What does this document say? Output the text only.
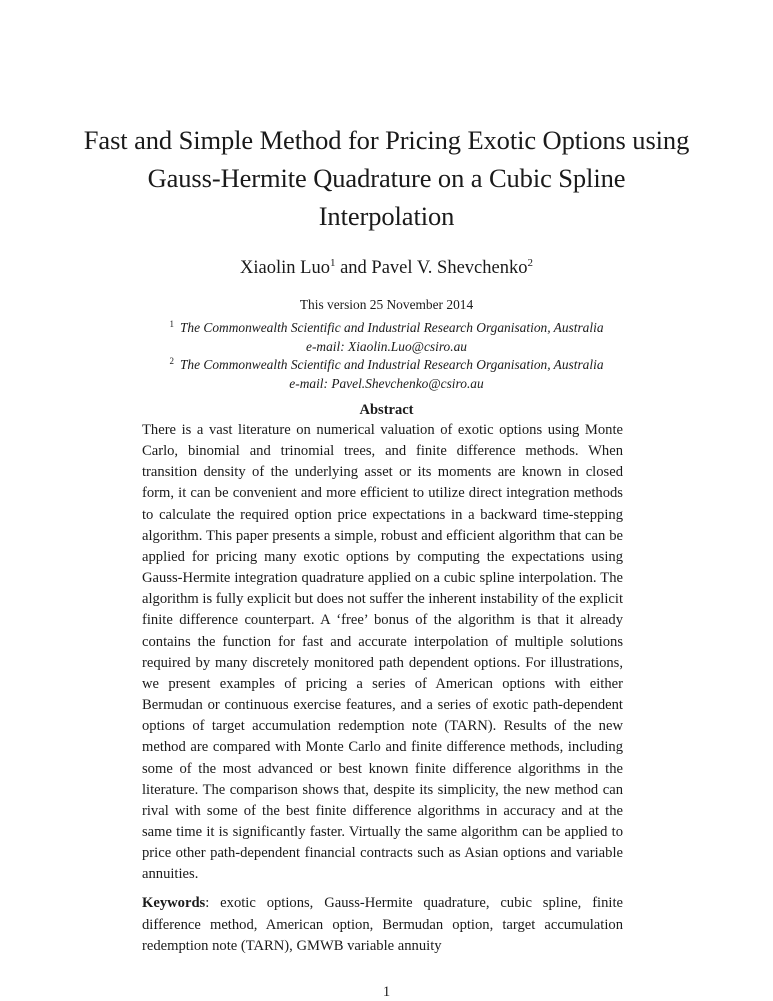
Fast and Simple Method for Pricing Exotic Options using Gauss-Hermite Quadrature on a Cubic Spline Interpolation
Xiaolin Luo$^1$ and Pavel V. Shevchenko$^2$
This version 25 November 2014
$^1$ The Commonwealth Scientific and Industrial Research Organisation, Australia
e-mail: Xiaolin.Luo@csiro.au
$^2$ The Commonwealth Scientific and Industrial Research Organisation, Australia
e-mail: Pavel.Shevchenko@csiro.au
Abstract
There is a vast literature on numerical valuation of exotic options using Monte Carlo, binomial and trinomial trees, and finite difference methods. When transition density of the underlying asset or its moments are known in closed form, it can be convenient and more efficient to utilize direct integration methods to calculate the required option price expectations in a backward time-stepping algorithm. This paper presents a simple, robust and efficient algorithm that can be applied for pricing many exotic options by computing the expectations using Gauss-Hermite integration quadrature applied on a cubic spline interpolation. The algorithm is fully explicit but does not suffer the inherent instability of the explicit finite difference counterpart. A ‘free’ bonus of the algorithm is that it already contains the function for fast and accurate interpolation of multiple solutions required by many discretely monitored path dependent options. For illustrations, we present examples of pricing a series of American options with either Bermudan or continuous exercise features, and a series of exotic path-dependent options of target accumulation redemption note (TARN). Results of the new method are compared with Monte Carlo and finite difference methods, including some of the most advanced or best known finite difference algorithms in the literature. The comparison shows that, despite its simplicity, the new method can rival with some of the best finite difference algorithms in accuracy and at the same time it is significantly faster. Virtually the same algorithm can be applied to price other path-dependent financial contracts such as Asian options and variable annuities.
Keywords: exotic options, Gauss-Hermite quadrature, cubic spline, finite difference method, American option, Bermudan option, target accumulation redemption note (TARN), GMWB variable annuity
1
